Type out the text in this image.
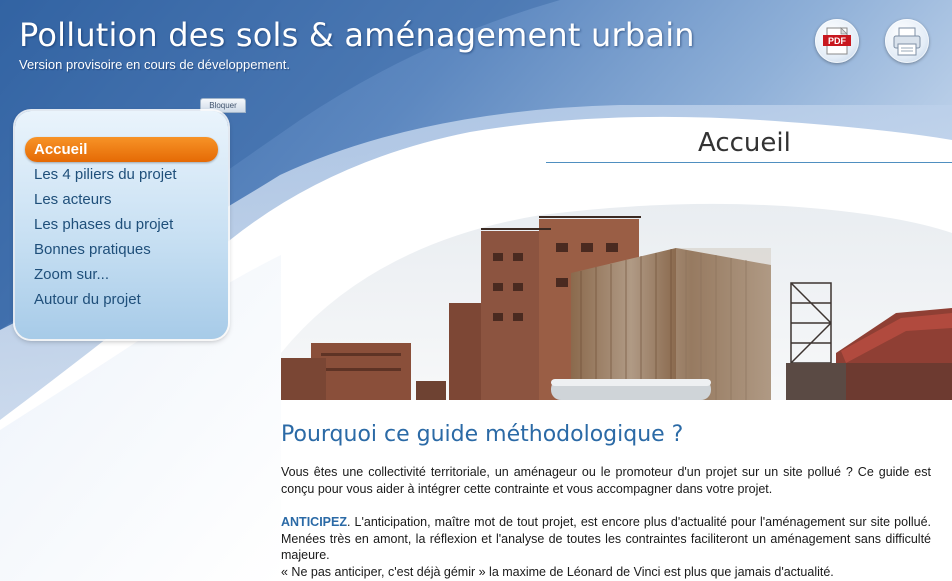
Pollution des sols & aménagement urbain
Version provisoire en cours de développement.
PDF
Bloquer
Accueil
Les 4 piliers du projet
Les acteurs
Les phases du projet
Bonnes pratiques
Zoom sur...
Autour du projet
Accueil
Pourquoi ce guide méthodologique ?

Vous êtes une collectivité territoriale, un aménageur ou le promoteur d'un projet sur un site pollué ? Ce guide est conçu pour vous aider à intégrer cette contrainte et vous accompagner dans votre projet.

ANTICIPEZ. L'anticipation, maître mot de tout projet, est encore plus d'actualité pour l'aménagement sur site pollué. Menées très en amont, la réflexion et l'analyse de toutes les contraintes faciliteront un aménagement sans difficulté majeure.
« Ne pas anticiper, c'est déjà gémir » la maxime de Léonard de Vinci est plus que jamais d'actualité.
